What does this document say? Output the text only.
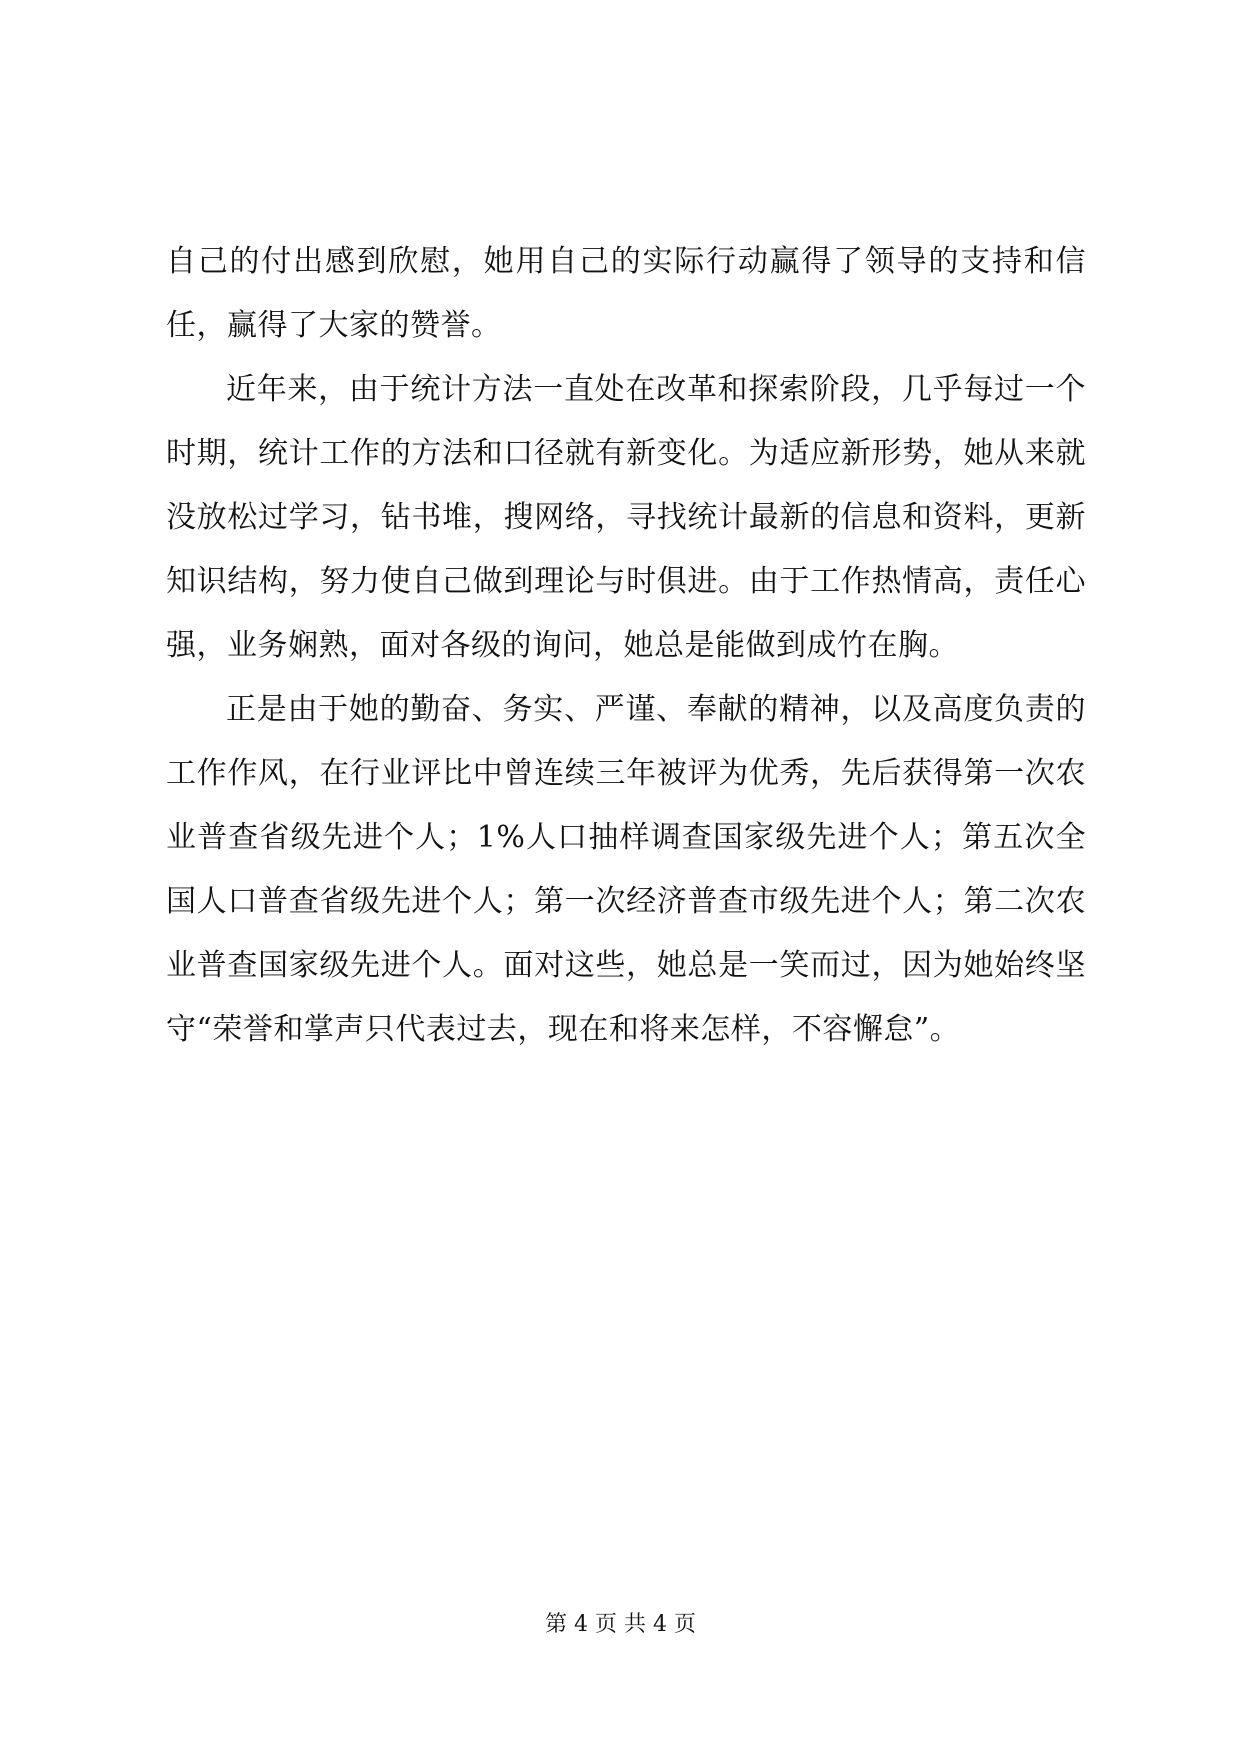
自己的付出感到欣慰，她用自己的实际行动赢得了领导的支持和信任，赢得了大家的赞誉。

近年来，由于统计方法一直处在改革和探索阶段，几乎每过一个时期，统计工作的方法和口径就有新变化。为适应新形势，她从来就没放松过学习，钻书堆，搜网络，寻找统计最新的信息和资料，更新知识结构，努力使自己做到理论与时俱进。由于工作热情高，责任心强，业务娴熟，面对各级的询问，她总是能做到成竹在胸。

正是由于她的勤奋、务实、严谨、奉献的精神，以及高度负责的工作作风，在行业评比中曾连续三年被评为优秀，先后获得第一次农业普查省级先进个人；1%人口抽样调查国家级先进个人；第五次全国人口普查省级先进个人；第一次经济普查市级先进个人；第二次农业普查国家级先进个人。面对这些，她总是一笑而过，因为她始终坚守“荣誉和掌声只代表过去，现在和将来怎样，不容懈怠”。

第 4 页 共 4 页
